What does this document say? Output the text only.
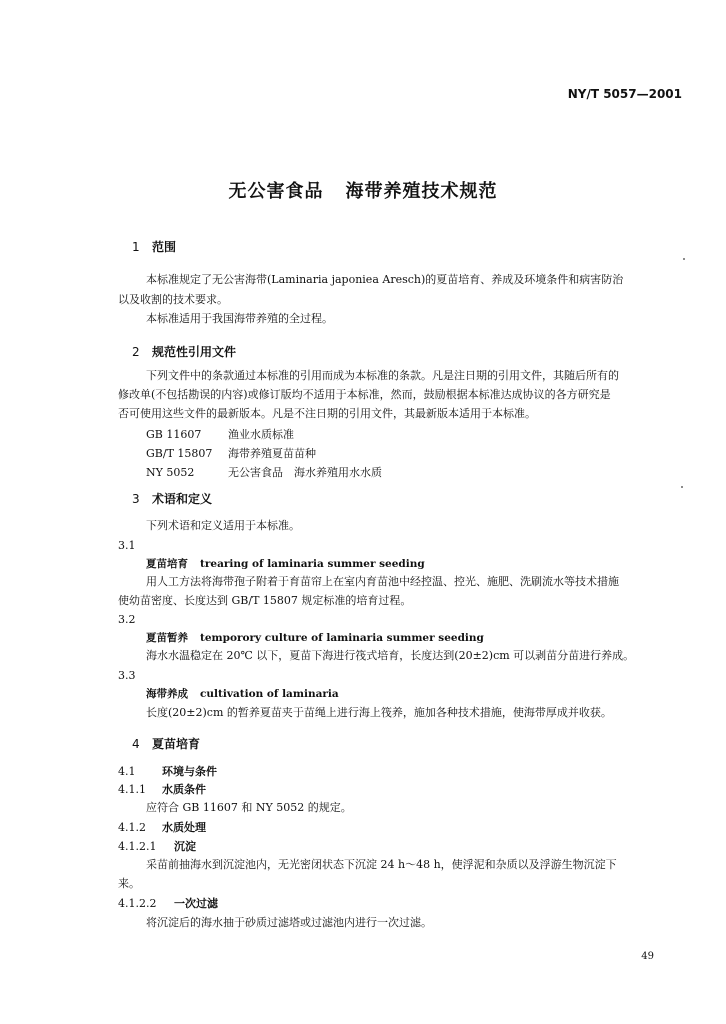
NY/T 5057—2001
无公害食品 海带养殖技术规范
1 范围
本标准规定了无公害海带(Laminaria japoniea Aresch)的夏苗培育、养成及环境条件和病害防治
以及收割的技术要求。
本标准适用于我国海带养殖的全过程。
2 规范性引用文件
下列文件中的条款通过本标准的引用而成为本标准的条款。凡是注日期的引用文件，其随后所有的
修改单(不包括勘误的内容)或修订版均不适用于本标准，然而，鼓励根据本标准达成协议的各方研究是
否可使用这些文件的最新版本。凡是不注日期的引用文件，其最新版本适用于本标准。
GB 11607 渔业水质标准
GB/T 15807 海带养殖夏苗苗种
NY 5052	无公害食品　海水养殖用水水质
3 术语和定义
下列术语和定义适用于本标准。
3.1
夏苗培育 trearing of laminaria summer seeding
用人工方法将海带孢子附着于育苗帘上在室内育苗池中经控温、控光、施肥、洗刷流水等技术措施
使幼苗密度、长度达到 GB/T 15807 规定标准的培育过程。
3.2
夏苗暂养 temporory culture of laminaria summer seeding
海水水温稳定在 20℃ 以下，夏苗下海进行筏式培育，长度达到(20±2)cm 可以剥苗分苗进行养成。
3.3
海带养成 cultivation of laminaria
长度(20±2)cm 的暂养夏苗夹于苗绳上进行海上筏养，施加各种技术措施，使海带厚成并收获。
4 夏苗培育
4.1 环境与条件
4.1.1 水质条件
应符合 GB 11607 和 NY 5052 的规定。
4.1.2 水质处理
4.1.2.1 沉淀
采苗前抽海水到沉淀池内，无光密闭状态下沉淀 24 h～48 h，使浮泥和杂质以及浮游生物沉淀下
来。
4.1.2.2 一次过滤
将沉淀后的海水抽于砂质过滤塔或过滤池内进行一次过滤。
49
